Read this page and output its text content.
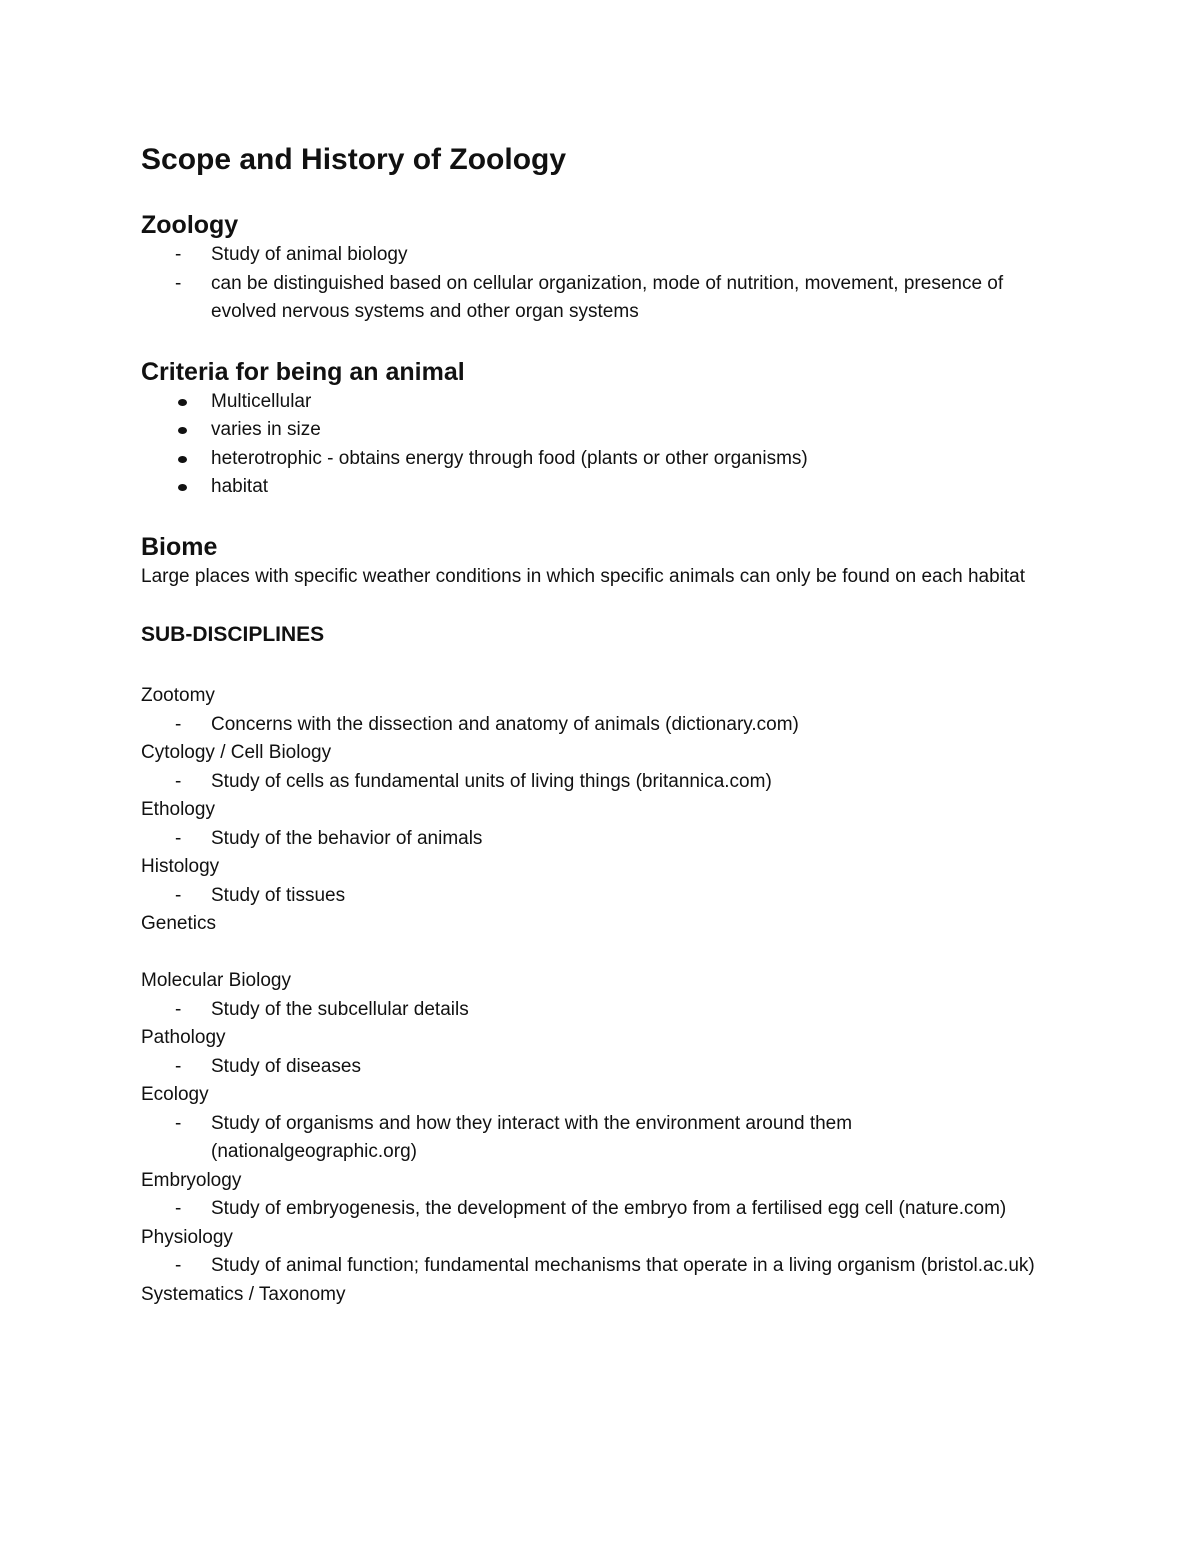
Scope and History of Zoology
Zoology
- Study of animal biology
- can be distinguished based on cellular organization, mode of nutrition, movement, presence of evolved nervous systems and other organ systems
Criteria for being an animal
Multicellular
varies in size
heterotrophic - obtains energy through food (plants or other organisms)
habitat
Biome

Large places with specific weather conditions in which specific animals can only be found on each habitat

SUB-DISCIPLINES

Zootomy

- Concerns with the dissection and anatomy of animals (dictionary.com)

Cytology / Cell Biology

- Study of cells as fundamental units of living things (britannica.com)

Ethology

- Study of the behavior of animals

Histology

- Study of tissues

Genetics

Molecular Biology

- Study of the subcellular details

Pathology

- Study of diseases

Ecology

- Study of organisms and how they interact with the environment around them (nationalgeographic.org)

Embryology

- Study of embryogenesis, the development of the embryo from a fertilised egg cell (nature.com)

Physiology

- Study of animal function; fundamental mechanisms that operate in a living organism (bristol.ac.uk)

Systematics / Taxonomy
